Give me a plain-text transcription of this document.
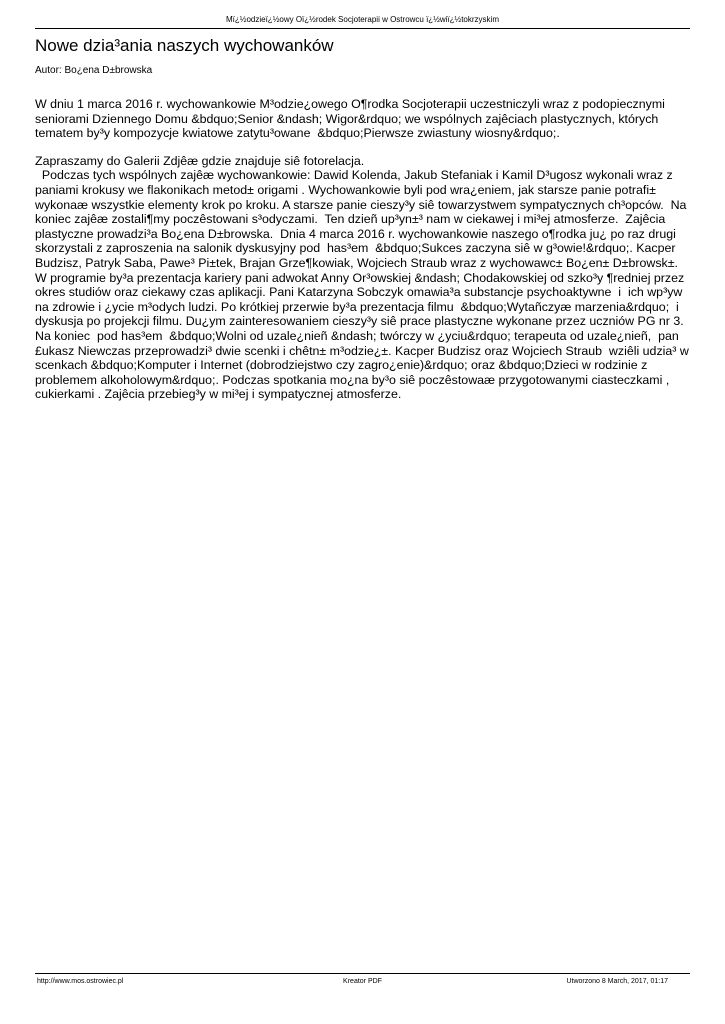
Mï¿½odzieï¿½owy Oï¿½rodek Socjoterapii w Ostrowcu ï¿½wiï¿½tokrzyskim
Nowe dzia³ania naszych wychowanków
Autor: Bo¿ena D±browska

W dniu 1 marca 2016 r. wychowankowie M³odzie¿owego O¶rodka Socjoterapii uczestniczyli wraz z podopiecznymi seniorami Dziennego Domu &bdquo;Senior &ndash; Wigor&rdquo; we wspólnych zajêciach plastycznych, których tematem by³y kompozycje kwiatowe zatytu³owane  &bdquo;Pierwsze zwiastuny wiosny&rdquo;.

Zapraszamy do Galerii Zdjêæ gdzie znajduje siê fotorelacja.
Podczas tych wspólnych zajêæ wychowankowie: Dawid Kolenda, Jakub Stefaniak i Kamil D³ugosz wykonali wraz z paniami krokusy we flakonikach metod± origami . Wychowankowie byli pod wra¿eniem, jak starsze panie potrafi± wykonaæ wszystkie elementy krok po kroku. A starsze panie cieszy³y siê towarzystwem sympatycznych ch³opców.  Na koniec zajêæ zostali¶my poczêstowani s³odyczami.  Ten dzieñ up³yn±³ nam w ciekawej i mi³ej atmosferze.  Zajêcia plastyczne prowadzi³a Bo¿ena D±browska.  Dnia 4 marca 2016 r. wychowankowie naszego o¶rodka ju¿ po raz drugi skorzystali z zaproszenia na salonik dyskusyjny pod  has³em  &bdquo;Sukces zaczyna siê w g³owie!&rdquo;. Kacper Budzisz, Patryk Saba, Pawe³ Pi±tek, Brajan Grze¶kowiak, Wojciech Straub wraz z wychowawc± Bo¿en± D±browsk±. W programie by³a prezentacja kariery pani adwokat Anny Or³owskiej &ndash; Chodakowskiej od szko³y ¶redniej przez okres studiów oraz ciekawy czas aplikacji. Pani Katarzyna Sobczyk omawia³a substancje psychoaktywne  i  ich wp³yw na zdrowie i ¿ycie m³odych ludzi. Po krótkiej przerwie by³a prezentacja filmu  &bdquo;Wytañczyæ marzenia&rdquo;  i dyskusja po projekcji filmu. Du¿ym zainteresowaniem cieszy³y siê prace plastyczne wykonane przez uczniów PG nr 3.  Na koniec  pod has³em  &bdquo;Wolni od uzale¿nieñ &ndash; twórczy w ¿yciu&rdquo; terapeuta od uzale¿nieñ,  pan £ukasz Niewczas przeprowadzi³ dwie scenki i chêtn± m³odzie¿±. Kacper Budzisz oraz Wojciech Straub  wziêli udzia³ w scenkach &bdquo;Komputer i Internet (dobrodziejstwo czy zagro¿enie)&rdquo; oraz &bdquo;Dzieci w rodzinie z problemem alkoholowym&rdquo;. Podczas spotkania mo¿na by³o siê poczêstowaæ przygotowanymi ciasteczkami , cukierkami . Zajêcia przebieg³y w mi³ej i sympatycznej atmosferze.

http://www.mos.ostrowiec.pl	Kreator PDF	Utworzono 8 March, 2017, 01:17
